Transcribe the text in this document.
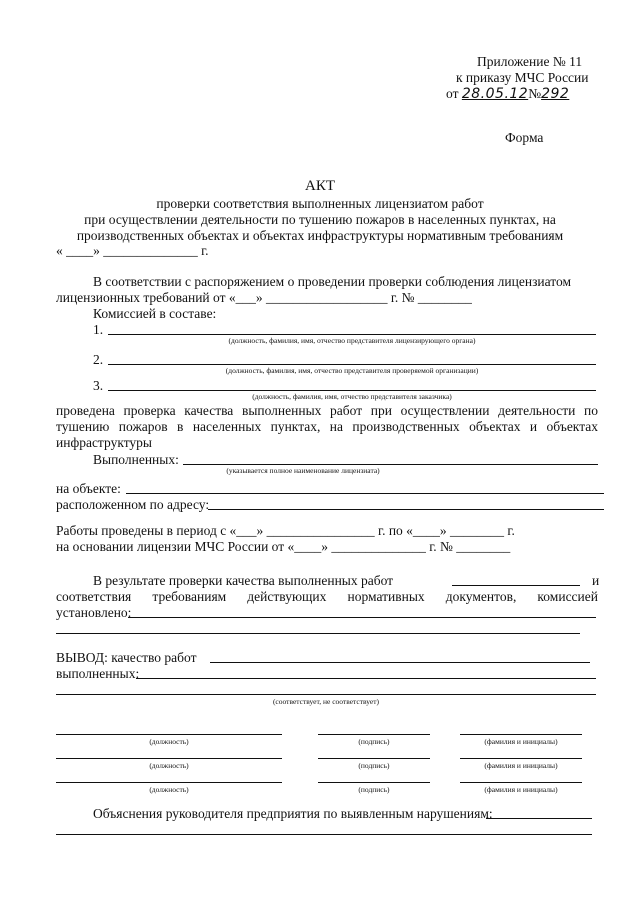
Приложение № 11
к приказу МЧС России
от 28.05.12№292
Форма
АКТ
проверки соответствия выполненных лицензиатом работ
при осуществлении деятельности по тушению пожаров в населенных пунктах, на
производственных объектах и объектах инфраструктуры нормативным требованиям
« ____» ______________ г.
В соответствии с распоряжением о проведении проверки соблюдения лицензиатом
лицензионных требований от «___» __________________ г. № ________
Комиссией в составе:
1.
(должность, фамилия, имя, отчество представителя лицензирующего органа)
2.
(должность, фамилия, имя, отчество представителя проверяемой организации)
3.
(должность, фамилия, имя, отчество представителя заказчика)
проведена проверка качества выполненных работ при осуществлении деятельности по
тушению пожаров в населенных пунктах, на производственных объектах и объектах
инфраструктуры
Выполненных:
(указывается полное наименование лицензиата)
на объекте:
расположенном по адресу:
Работы проведены в период с «___» ________________ г. по «____» ________ г.
на основании лицензии МЧС России от «____» ______________ г. № ________
В результате проверки качества выполненных работ	и
соответствия требованиям действующих нормативных документов, комиссией
установлено:
ВЫВОД: качество работ
выполненных:
(соответствует, не соответствует)
(должность)	(подпись)	(фамилия и инициалы)
(должность)	(подпись)	(фамилия и инициалы)
(должность)	(подпись)	(фамилия и инициалы)
Объяснения руководителя предприятия по выявленным нарушениям:
